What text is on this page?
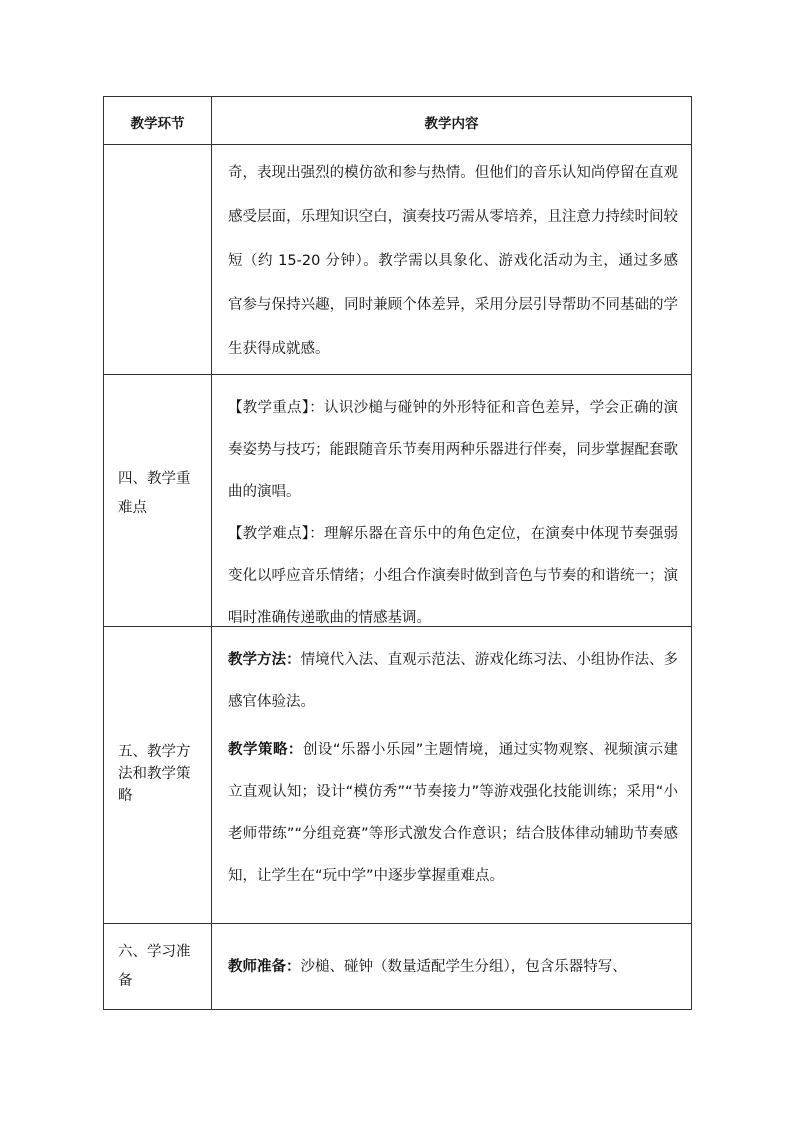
教学环节	教学内容
奇，表现出强烈的模仿欲和参与热情。但他们的音乐认知尚停留在直观感受层面，乐理知识空白，演奏技巧需从零培养，且注意力持续时间较短（约 15-20 分钟）。教学需以具象化、游戏化活动为主，通过多感官参与保持兴趣，同时兼顾个体差异，采用分层引导帮助不同基础的学生获得成就感。
四、教学重难点

【教学重点】：认识沙槌与碰钟的外形特征和音色差异，学会正确的演奏姿势与技巧；能跟随音乐节奏用两种乐器进行伴奏，同步掌握配套歌曲的演唱。

【教学难点】：理解乐器在音乐中的角色定位，在演奏中体现节奏强弱变化以呼应音乐情绪；小组合作演奏时做到音色与节奏的和谐统一；演唱时准确传递歌曲的情感基调。

五、教学方法和教学策略

教学方法：情境代入法、直观示范法、游戏化练习法、小组协作法、多感官体验法。

教学策略：创设“乐器小乐园”主题情境，通过实物观察、视频演示建立直观认知；设计“模仿秀”“节奏接力”等游戏强化技能训练；采用“小老师带练”“分组竞赛”等形式激发合作意识；结合肢体律动辅助节奏感知，让学生在“玩中学”中逐步掌握重难点。

六、学习准备

教师准备：沙槌、碰钟（数量适配学生分组），包含乐器特写、
